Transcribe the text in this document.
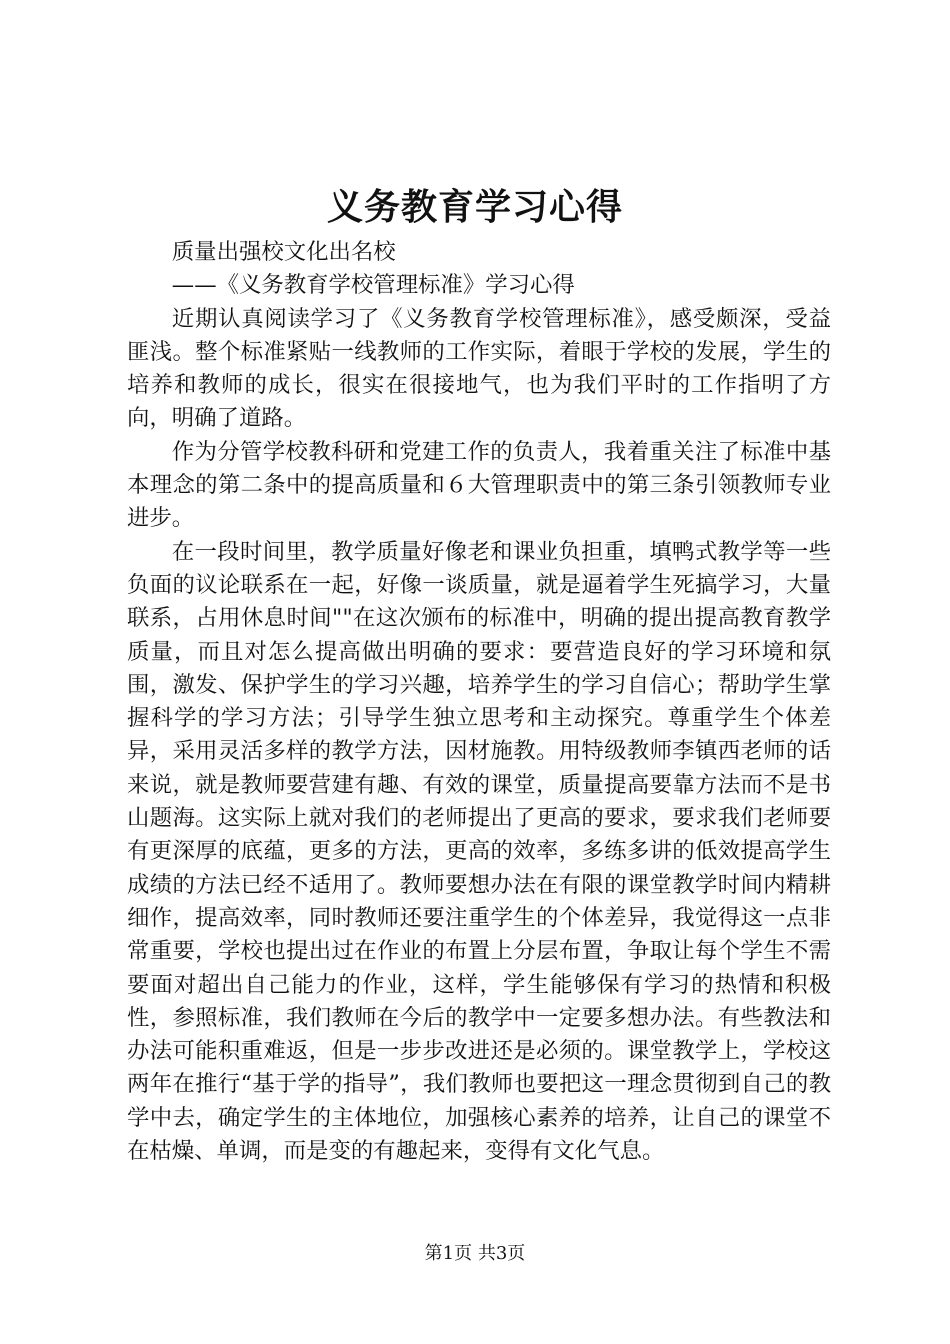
义务教育学习心得

质量出强校文化出名校

——《义务教育学校管理标准》学习心得

近期认真阅读学习了《义务教育学校管理标准》，感受颇深，受益匪浅。整个标准紧贴一线教师的工作实际，着眼于学校的发展，学生的培养和教师的成长，很实在很接地气，也为我们平时的工作指明了方向，明确了道路。

作为分管学校教科研和党建工作的负责人，我着重关注了标准中基本理念的第二条中的提高质量和６大管理职责中的第三条引领教师专业进步。

在一段时间里，教学质量好像老和课业负担重，填鸭式教学等一些负面的议论联系在一起，好像一谈质量，就是逼着学生死搞学习，大量联系，占用休息时间""在这次颁布的标准中，明确的提出提高教育教学质量，而且对怎么提高做出明确的要求：要营造良好的学习环境和氛围，激发、保护学生的学习兴趣，培养学生的学习自信心；帮助学生掌握科学的学习方法；引导学生独立思考和主动探究。尊重学生个体差异，采用灵活多样的教学方法，因材施教。用特级教师李镇西老师的话来说，就是教师要营建有趣、有效的课堂，质量提高要靠方法而不是书山题海。这实际上就对我们的老师提出了更高的要求，要求我们老师要有更深厚的底蕴，更多的方法，更高的效率，多练多讲的低效提高学生成绩的方法已经不适用了。教师要想办法在有限的课堂教学时间内精耕细作，提高效率，同时教师还要注重学生的个体差异，我觉得这一点非常重要，学校也提出过在作业的布置上分层布置，争取让每个学生不需要面对超出自己能力的作业，这样，学生能够保有学习的热情和积极性，参照标准，我们教师在今后的教学中一定要多想办法。有些教法和办法可能积重难返，但是一步步改进还是必须的。课堂教学上，学校这两年在推行“基于学的指导”，我们教师也要把这一理念贯彻到自己的教学中去，确定学生的主体地位，加强核心素养的培养，让自己的课堂不在枯燥、单调，而是变的有趣起来，变得有文化气息。

第1页 共3页
